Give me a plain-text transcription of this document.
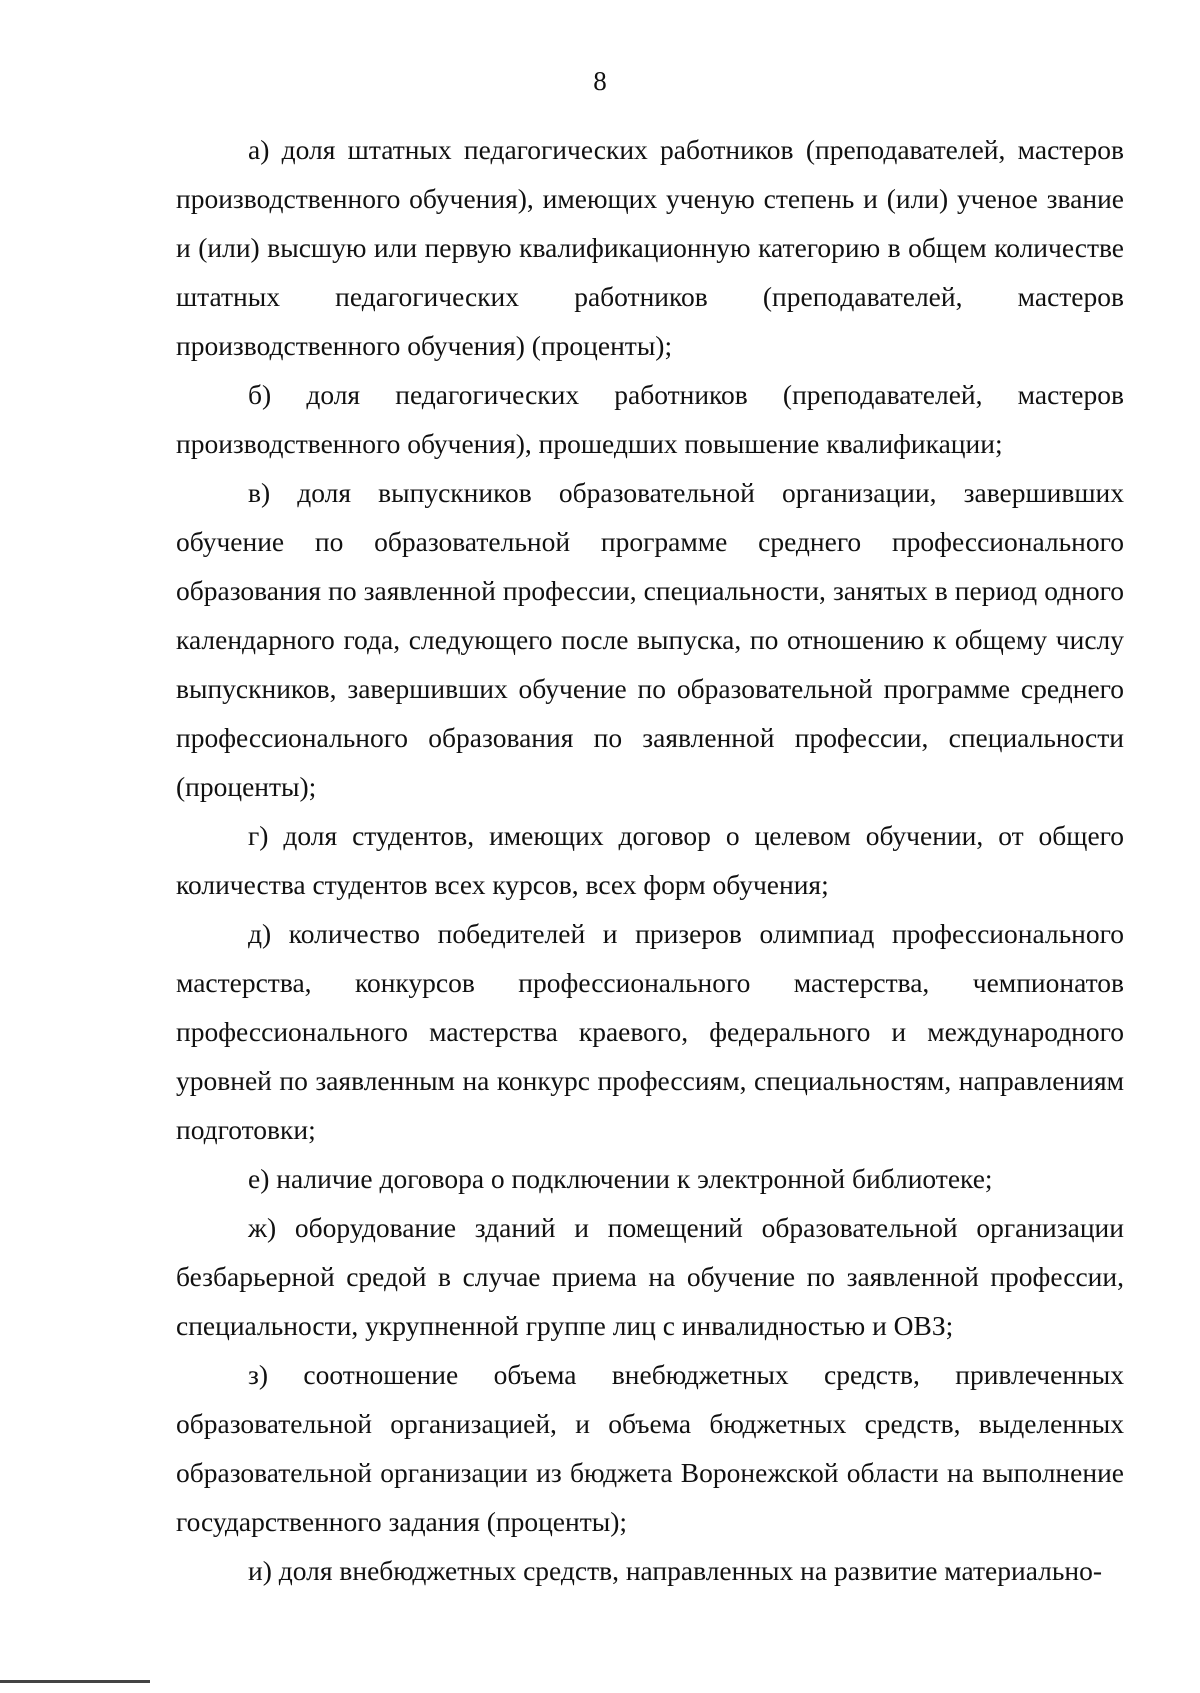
8

а) доля штатных педагогических работников (преподавателей, мастеров производственного обучения), имеющих ученую степень и (или) ученое звание и (или) высшую или первую квалификационную категорию в общем количестве штатных педагогических работников (преподавателей, мастеров производственного обучения) (проценты);

б) доля педагогических работников (преподавателей, мастеров производственного обучения), прошедших повышение квалификации;

в) доля выпускников образовательной организации, завершивших обучение по образовательной программе среднего профессионального образования по заявленной профессии, специальности, занятых в период одного календарного года, следующего после выпуска, по отношению к общему числу выпускников, завершивших обучение по образовательной программе среднего профессионального образования по заявленной профессии, специальности (проценты);

г) доля студентов, имеющих договор о целевом обучении, от общего количества студентов всех курсов, всех форм обучения;

д) количество победителей и призеров олимпиад профессионального мастерства, конкурсов профессионального мастерства, чемпионатов профессионального мастерства краевого, федерального и международного уровней по заявленным на конкурс профессиям, специальностям, направлениям подготовки;

е) наличие договора о подключении к электронной библиотеке;

ж) оборудование зданий и помещений образовательной организации безбарьерной средой в случае приема на обучение по заявленной профессии, специальности, укрупненной группе лиц с инвалидностью и ОВЗ;

з) соотношение объема внебюджетных средств, привлеченных образовательной организацией, и объема бюджетных средств, выделенных образовательной организации из бюджета Воронежской области на выполнение государственного задания (проценты);

и) доля внебюджетных средств, направленных на развитие материально-
